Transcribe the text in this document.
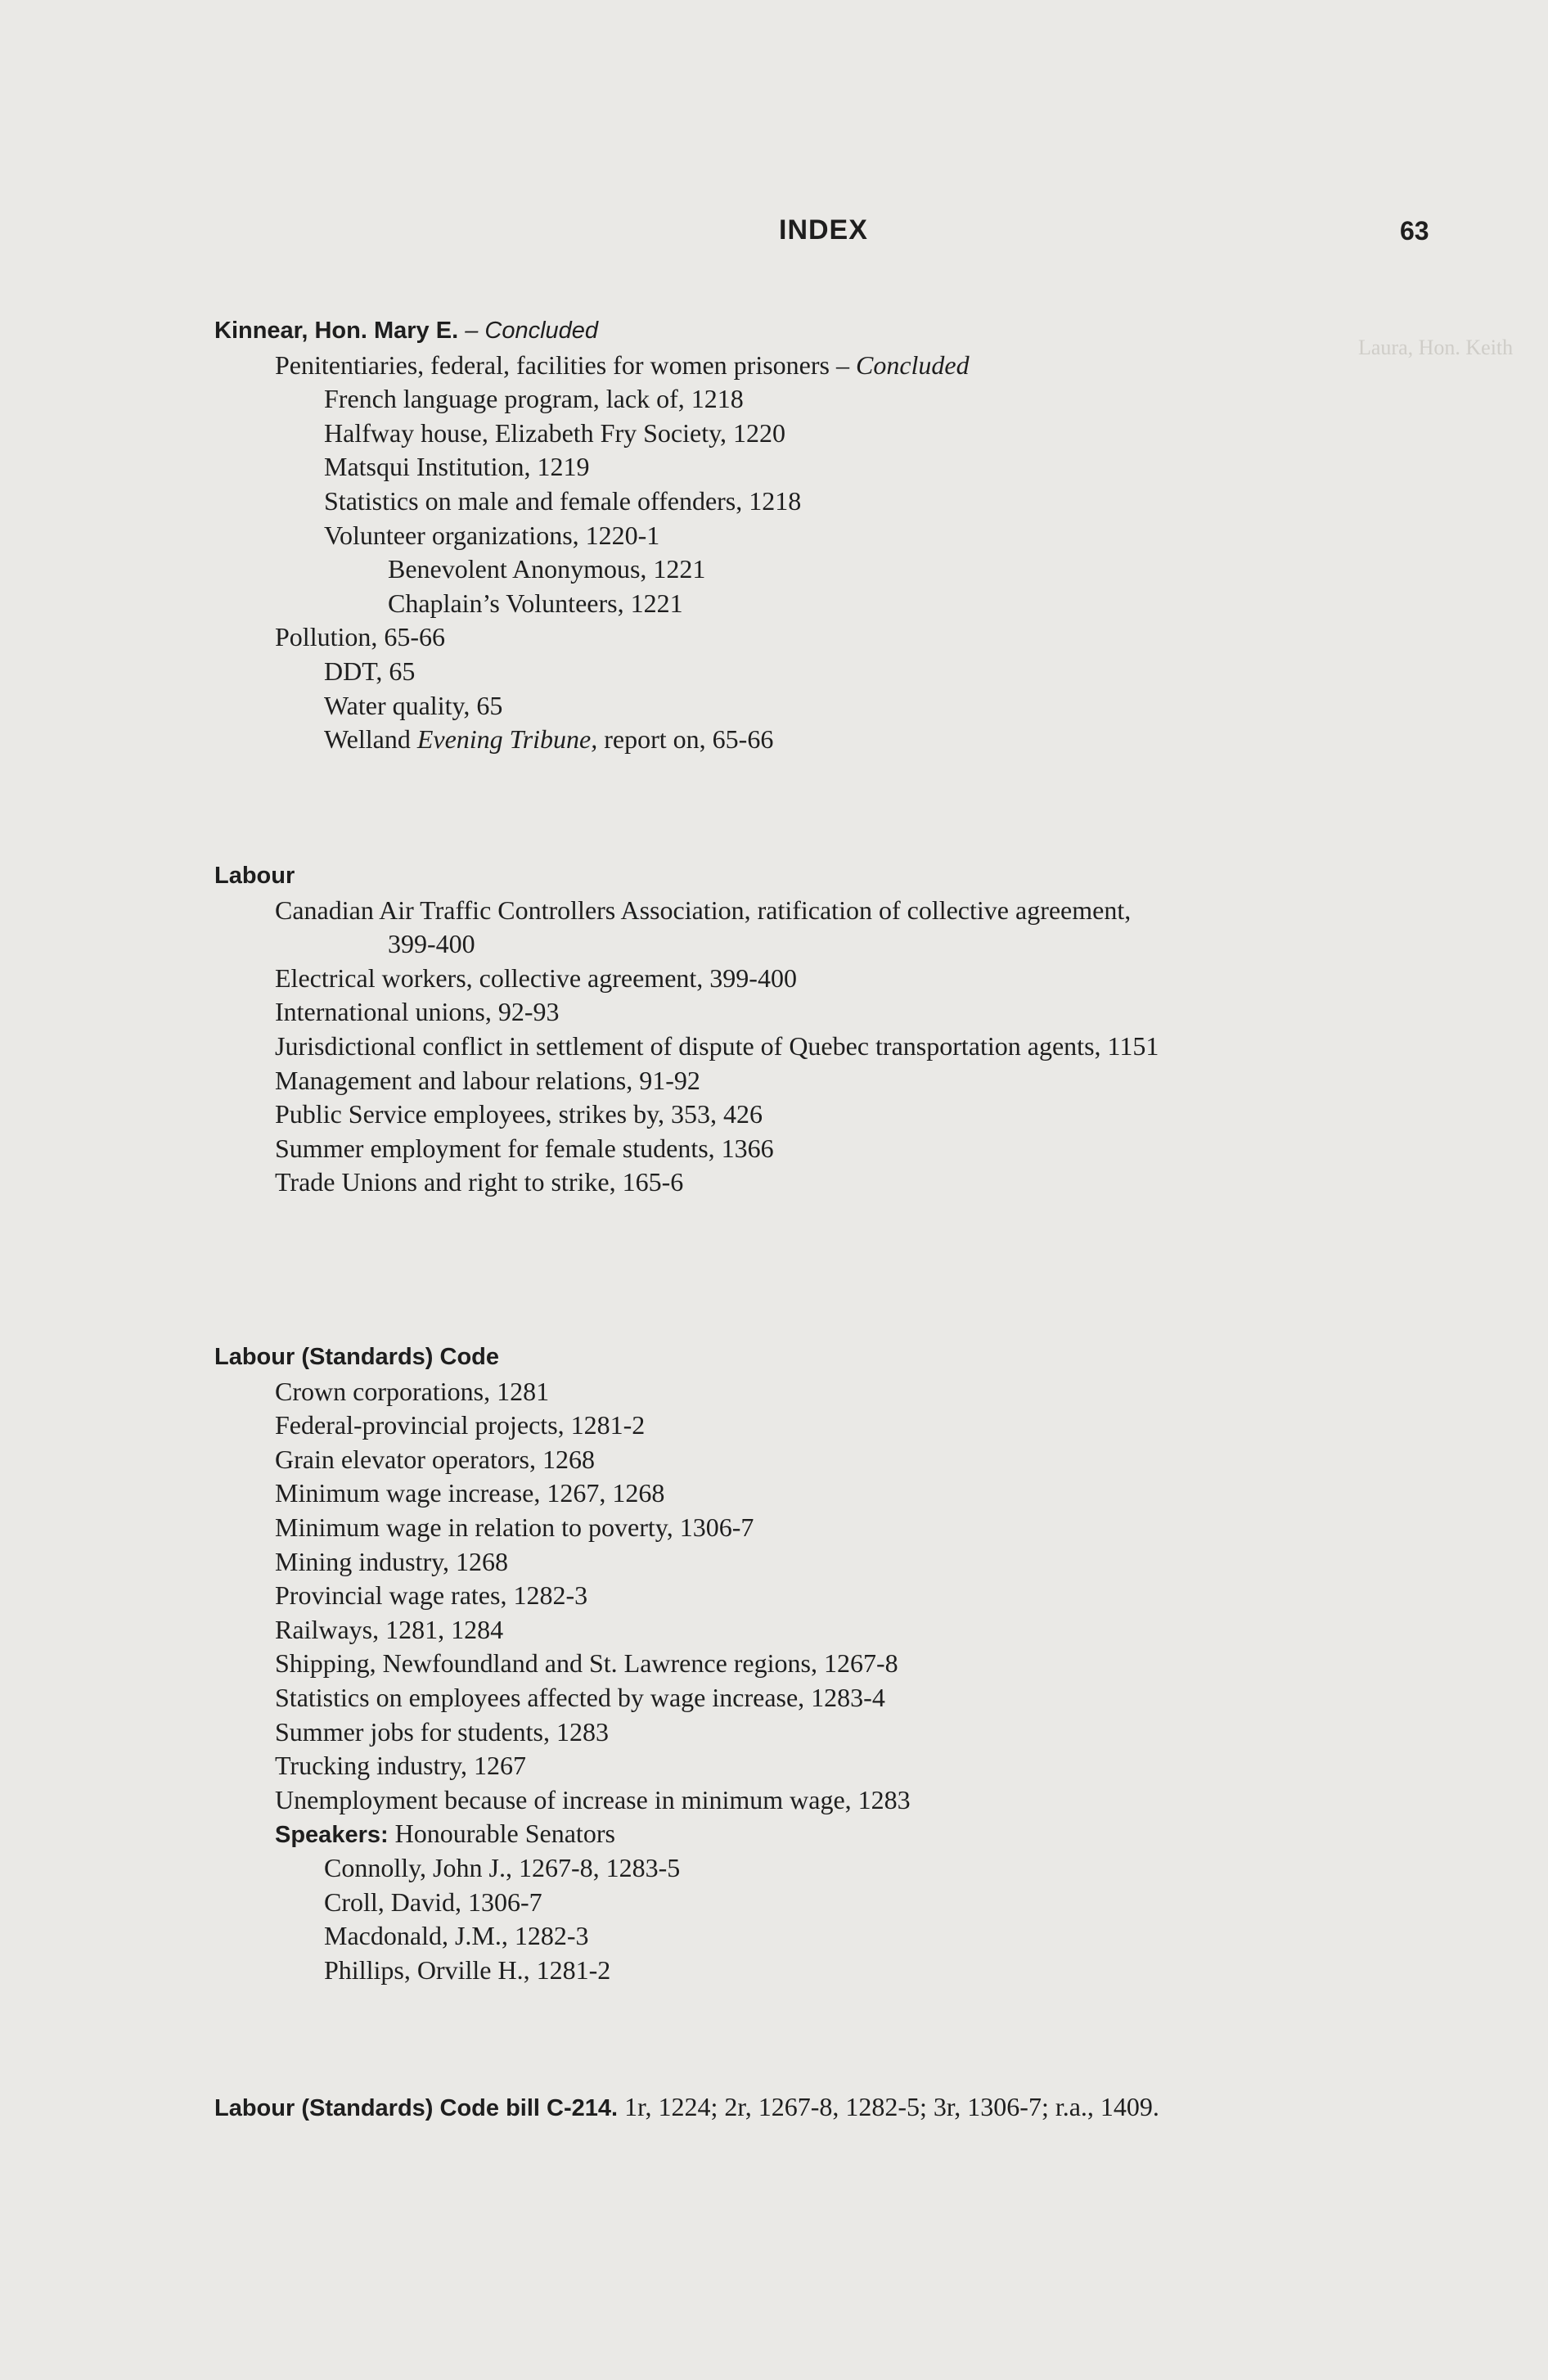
Laura, Hon. Keith
INDEX	63
Kinnear, Hon. Mary E. – Concluded
Penitentiaries, federal, facilities for women prisoners – Concluded
French language program, lack of, 1218
Halfway house, Elizabeth Fry Society, 1220
Matsqui Institution, 1219
Statistics on male and female offenders, 1218
Volunteer organizations, 1220-1
Benevolent Anonymous, 1221
Chaplain’s Volunteers, 1221
Pollution, 65-66
DDT, 65
Water quality, 65
Welland Evening Tribune, report on, 65-66
Labour
Canadian Air Traffic Controllers Association, ratification of collective agreement,
399-400
Electrical workers, collective agreement, 399-400
International unions, 92-93
Jurisdictional conflict in settlement of dispute of Quebec transportation agents, 1151
Management and labour relations, 91-92
Public Service employees, strikes by, 353, 426
Summer employment for female students, 1366
Trade Unions and right to strike, 165-6
Labour (Standards) Code
Crown corporations, 1281
Federal-provincial projects, 1281-2
Grain elevator operators, 1268
Minimum wage increase, 1267, 1268
Minimum wage in relation to poverty, 1306-7
Mining industry, 1268
Provincial wage rates, 1282-3
Railways, 1281, 1284
Shipping, Newfoundland and St. Lawrence regions, 1267-8
Statistics on employees affected by wage increase, 1283-4
Summer jobs for students, 1283
Trucking industry, 1267
Unemployment because of increase in minimum wage, 1283
Speakers: Honourable Senators
Connolly, John J., 1267-8, 1283-5
Croll, David, 1306-7
Macdonald, J.M., 1282-3
Phillips, Orville H., 1281-2
Labour (Standards) Code bill C-214. 1r, 1224; 2r, 1267-8, 1282-5; 3r, 1306-7; r.a., 1409.
